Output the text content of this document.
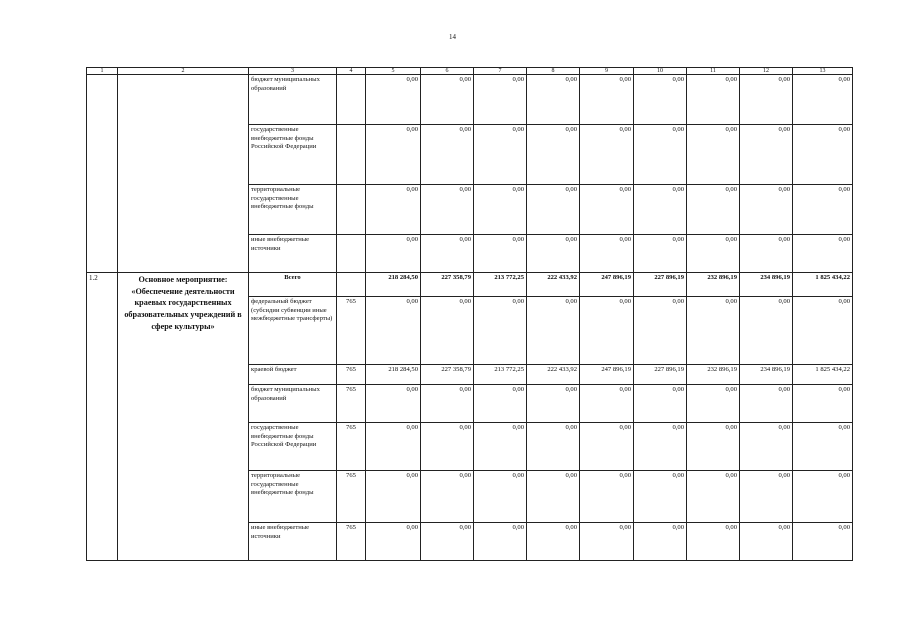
14
1	2	3	4	5	6	7	8	9	10	11	12	13
		бюджет муниципальных образований		0,00	0,00	0,00	0,00	0,00	0,00	0,00	0,00	0,00
		государственные внебюджетные фонды Российской Федерации		0,00	0,00	0,00	0,00	0,00	0,00	0,00	0,00	0,00
		территориальные государственные внебюджетные фонды		0,00	0,00	0,00	0,00	0,00	0,00	0,00	0,00	0,00
		иные внебюджетные источники		0,00	0,00	0,00	0,00	0,00	0,00	0,00	0,00	0,00
1.2	Основное мероприятие: «Обеспечение деятельности краевых государственных образовательных учреждений в сфере культуры»	Всего		218 284,50	227 358,79	213 772,25	222 433,92	247 896,19	227 896,19	232 896,19	234 896,19	1 825 434,22
		федеральный бюджет (субсидии субвенции иные межбюджетные трансферты)	765	0,00	0,00	0,00	0,00	0,00	0,00	0,00	0,00	0,00
		краевой бюджет	765	218 284,50	227 358,79	213 772,25	222 433,92	247 896,19	227 896,19	232 896,19	234 896,19	1 825 434,22
		бюджет муниципальных образований	765	0,00	0,00	0,00	0,00	0,00	0,00	0,00	0,00	0,00
		государственные внебюджетные фонды Российской Федерации	765	0,00	0,00	0,00	0,00	0,00	0,00	0,00	0,00	0,00
		территориальные государственные внебюджетные фонды	765	0,00	0,00	0,00	0,00	0,00	0,00	0,00	0,00	0,00
		иные внебюджетные источники	765	0,00	0,00	0,00	0,00	0,00	0,00	0,00	0,00	0,00
